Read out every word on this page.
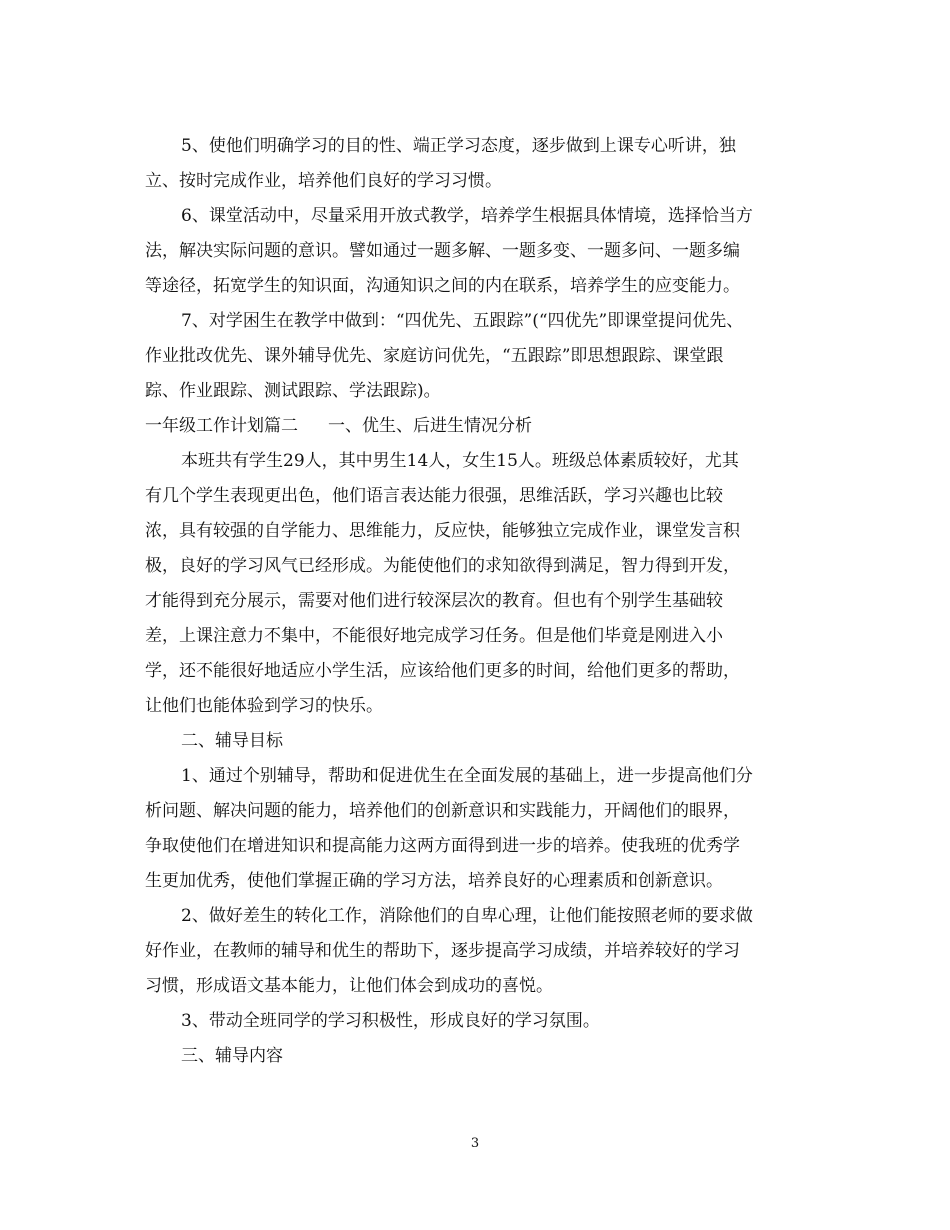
5、使他们明确学习的目的性、端正学习态度，逐步做到上课专心听讲，独
立、按时完成作业，培养他们良好的学习习惯。
6、课堂活动中，尽量采用开放式教学，培养学生根据具体情境，选择恰当方
法，解决实际问题的意识。譬如通过一题多解、一题多变、一题多问、一题多编
等途径，拓宽学生的知识面，沟通知识之间的内在联系，培养学生的应变能力。
7、对学困生在教学中做到：“四优先、五跟踪”(“四优先”即课堂提问优先、
作业批改优先、课外辅导优先、家庭访问优先，“五跟踪”即思想跟踪、课堂跟
踪、作业跟踪、测试跟踪、学法跟踪)。
一年级工作计划篇二 一、优生、后进生情况分析
本班共有学生29人，其中男生14人，女生15人。班级总体素质较好，尤其
有几个学生表现更出色，他们语言表达能力很强，思维活跃，学习兴趣也比较
浓，具有较强的自学能力、思维能力，反应快，能够独立完成作业，课堂发言积
极，良好的学习风气已经形成。为能使他们的求知欲得到满足，智力得到开发，
才能得到充分展示，需要对他们进行较深层次的教育。但也有个别学生基础较
差，上课注意力不集中，不能很好地完成学习任务。但是他们毕竟是刚进入小
学，还不能很好地适应小学生活，应该给他们更多的时间，给他们更多的帮助，
让他们也能体验到学习的快乐。
二、辅导目标
1、通过个别辅导，帮助和促进优生在全面发展的基础上，进一步提高他们分
析问题、解决问题的能力，培养他们的创新意识和实践能力，开阔他们的眼界，
争取使他们在增进知识和提高能力这两方面得到进一步的培养。使我班的优秀学
生更加优秀，使他们掌握正确的学习方法，培养良好的心理素质和创新意识。
2、做好差生的转化工作，消除他们的自卑心理，让他们能按照老师的要求做
好作业，在教师的辅导和优生的帮助下，逐步提高学习成绩，并培养较好的学习
习惯，形成语文基本能力，让他们体会到成功的喜悦。
3、带动全班同学的学习积极性，形成良好的学习氛围。
三、辅导内容
3
